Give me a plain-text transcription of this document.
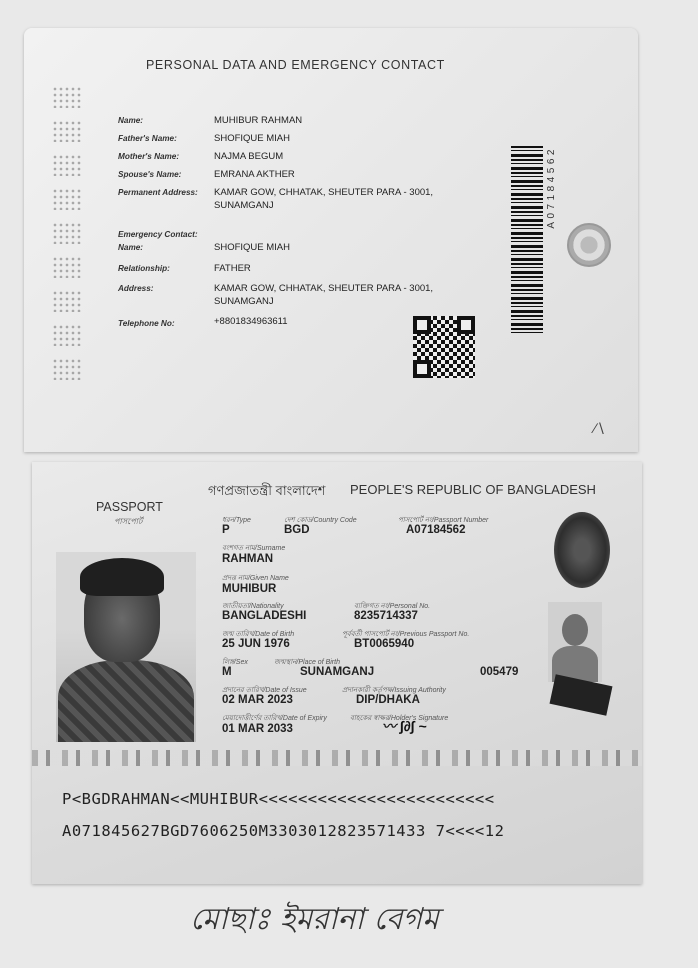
PERSONAL DATA AND EMERGENCY CONTACT
Name:	MUHIBUR RAHMAN
Father's Name:	SHOFIQUE MIAH
Mother's Name:	NAJMA BEGUM
Spouse's Name:	EMRANA AKTHER
Permanent Address: KAMAR GOW, CHHATAK, SHEUTER PARA - 3001, SUNAMGANJ
Emergency Contact:
Name:	SHOFIQUE MIAH
Relationship:	FATHER
Address:	KAMAR GOW, CHHATAK, SHEUTER PARA - 3001, SUNAMGANJ
Telephone No:	+8801834963611
A07184562
∕∖
গণপ্রজাতন্ত্রী বাংলাদেশ PEOPLE'S REPUBLIC OF BANGLADESH
PASSPORT
পাসপোর্ট	ধরন/Type
P
দেশ কোড/Country Code
BGD
পাসপোর্ট নং/Passport Number
A07184562
বংশগত নাম/Surname
RAHMAN
প্রদত্ত নাম/Given Name
MUHIBUR
জাতীয়তা/Nationality
BANGLADESHI
ব্যক্তিগত নং/Personal No.
8235714337
জন্ম তারিখ/Date of Birth
25 JUN 1976
পূর্ববর্তী পাসপোর্ট নং/Previous Passport No.
BT0065940
লিঙ্গ/Sex
M
জন্মস্থান/Place of Birth
SUNAMGANJ	005479
প্রদানের তারিখ/Date of Issue
02 MAR 2023
প্রদানকারী কর্তৃপক্ষ/Issuing Authority
DIP/DHAKA
মেয়াদোত্তীর্ণের তারিখ/Date of Expiry
01 MAR 2033
বাহকের স্বাক্ষর/Holder's Signature
〰 ∫∂∫ ~
P<BGDRAHMAN<<MUHIBUR<<<<<<<<<<<<<<<<<<<<<<<<
A071845627BGD7606250M3303012823571433 7<<<<12
মোছাঃ ইমরানা বেগম
